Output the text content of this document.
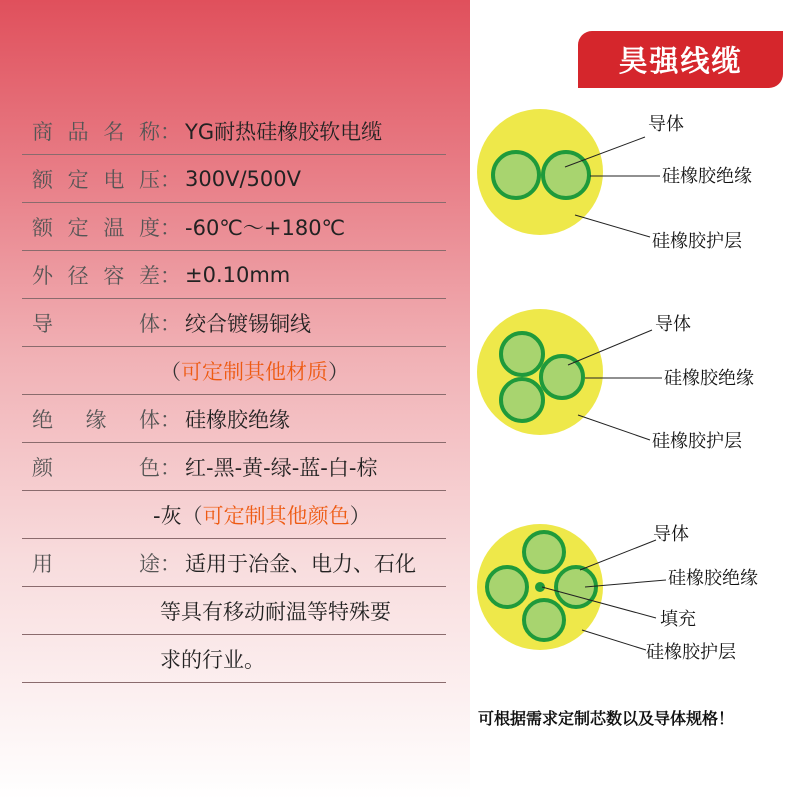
昊强线缆
商品名称 ： YG耐热硅橡胶软电缆
额定电压 ： 300V/500V
额定温度 ： -60℃～+180℃
外径容差 ： ±0.10mm
导　　体 ： 绞合镀锡铜线
（ 可定制其他材质 ）
绝 缘 体 ： 硅橡胶绝缘
颜　　色 ： 红-黑-黄-绿-蓝-白-棕
-灰 （ 可定制其他颜色 ）
用　　途 ： 适用于冶金、电力、石化
等具有移动耐温等特殊要
求的行业。
导体
硅橡胶绝缘
硅橡胶护层
导体
硅橡胶绝缘
硅橡胶护层
导体
硅橡胶绝缘
填充
硅橡胶护层
可根据需求定制芯数以及导体规格！
